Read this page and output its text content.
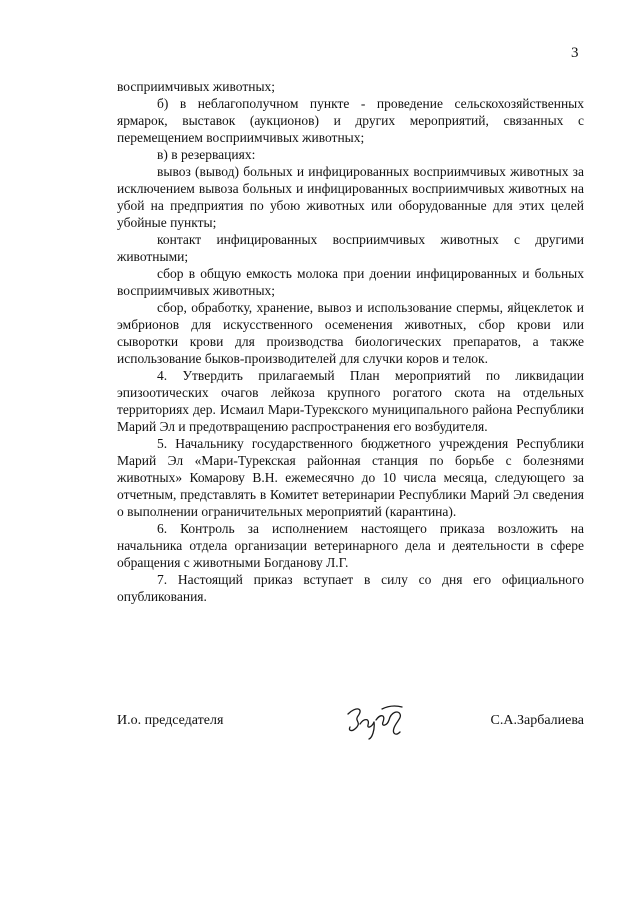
3

восприимчивых животных;

б) в неблагополучном пункте - проведение сельскохозяйственных ярмарок, выставок (аукционов) и других мероприятий, связанных с перемещением восприимчивых животных;

в) в резервациях:

вывоз (вывод) больных и инфицированных восприимчивых животных за исключением вывоза больных и инфицированных восприимчивых животных на убой на предприятия по убою животных или оборудованные для этих целей убойные пункты;

контакт инфицированных восприимчивых животных с другими животными;

сбор в общую емкость молока при доении инфицированных и больных восприимчивых животных;

сбор, обработку, хранение, вывоз и использование спермы, яйцеклеток и эмбрионов для искусственного осеменения животных, сбор крови или сыворотки крови для производства биологических препаратов, а также использование быков-производителей для случки коров и телок.

4. Утвердить прилагаемый План мероприятий по ликвидации эпизоотических очагов лейкоза крупного рогатого скота на отдельных территориях дер. Исмаил Мари-Турекского муниципального района Республики Марий Эл и предотвращению распространения его возбудителя.

5. Начальнику государственного бюджетного учреждения Республики Марий Эл «Мари-Турекская районная станция по борьбе с болезнями животных» Комарову В.Н. ежемесячно до 10 числа месяца, следующего за отчетным, представлять в Комитет ветеринарии Республики Марий Эл сведения о выполнении ограничительных мероприятий (карантина).

6. Контроль за исполнением настоящего приказа возложить на начальника отдела организации ветеринарного дела и деятельности в сфере обращения с животными Богданову Л.Г.

7. Настоящий приказ вступает в силу со дня его официального опубликования.

И.о. председателя	С.А.Зарбалиева
